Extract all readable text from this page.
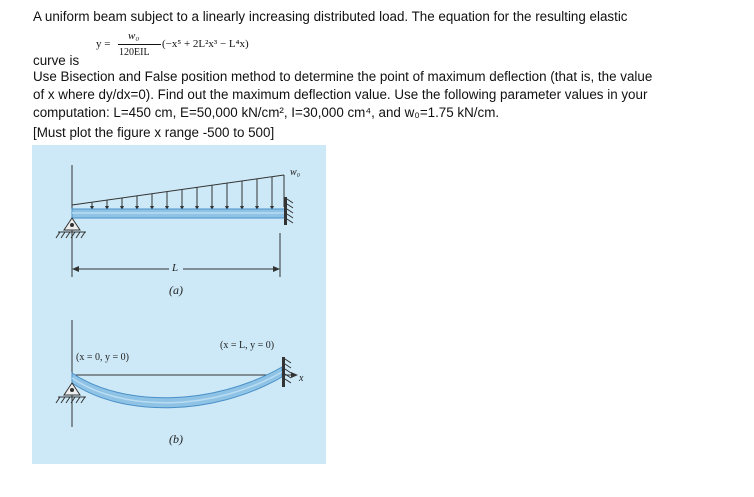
A uniform beam subject to a linearly increasing distributed load. The equation for the resulting elastic
y =
w₀
120EIL
(−x⁵ + 2L²x³ − L⁴x)
curve is
Use Bisection and False position method to determine the point of maximum deflection (that is, the value
of x where dy/dx=0). Find out the maximum deflection value. Use the following parameter values in your
computation: L=450 cm, E=50,000 kN/cm², I=30,000 cm⁴, and w₀=1.75 kN/cm.
[Must plot the figure x range -500 to 500]
w₀
L
(a)
(x = 0, y = 0)
(x = L, y = 0)
x
(b)
